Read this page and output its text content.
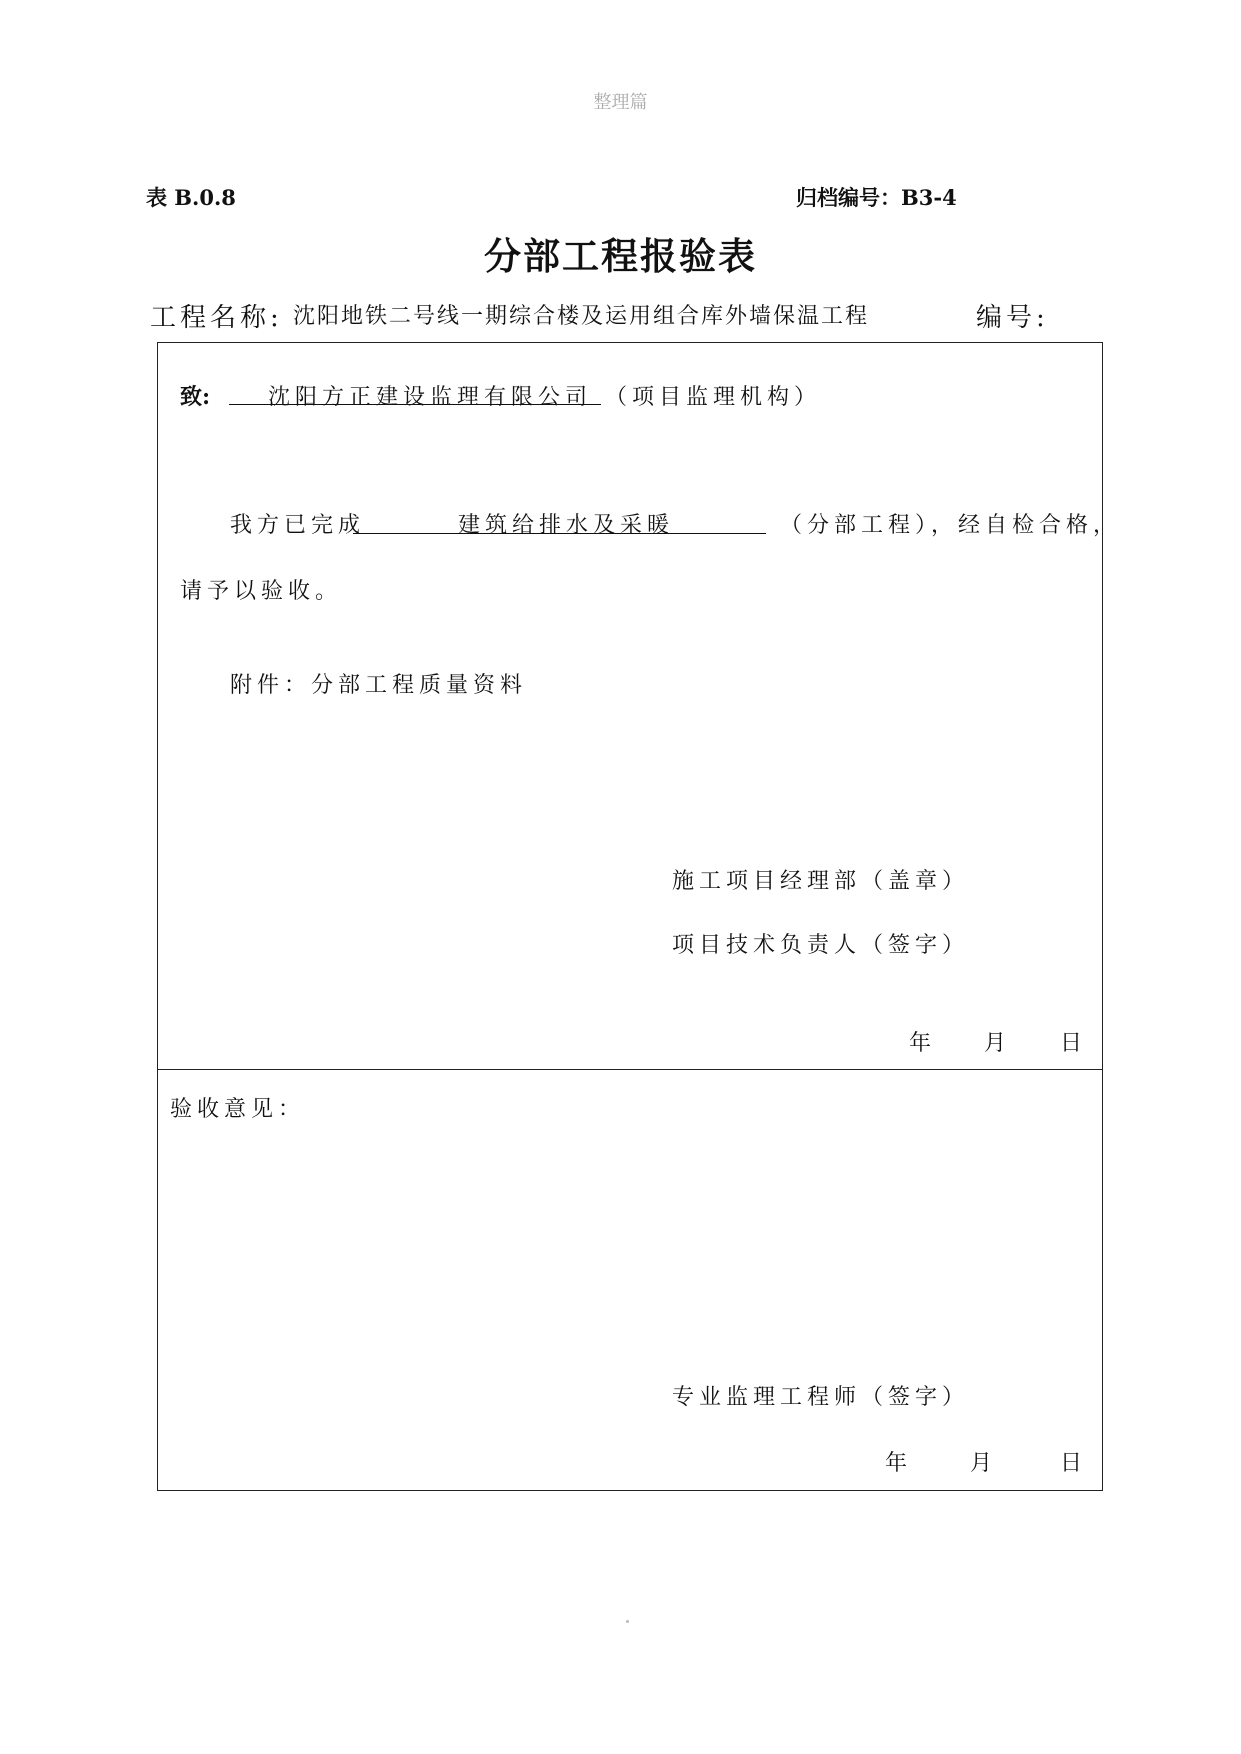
整理篇
表 B.0.8	归档编号：B3-4
分部工程报验表
工程名称: 沈阳地铁二号线一期综合楼及运用组合库外墙保温工程	编号:
致:	沈阳方正建设监理有限公司 （项目监理机构）
我方已完成	建筑给排水及采暖	（分部工程），经自检合格，
请予以验收。
附件：分部工程质量资料
施工项目经理部（盖章）
项目技术负责人（签字）
年 月 日
验收意见：
专业监理工程师（签字）
年	月	日
